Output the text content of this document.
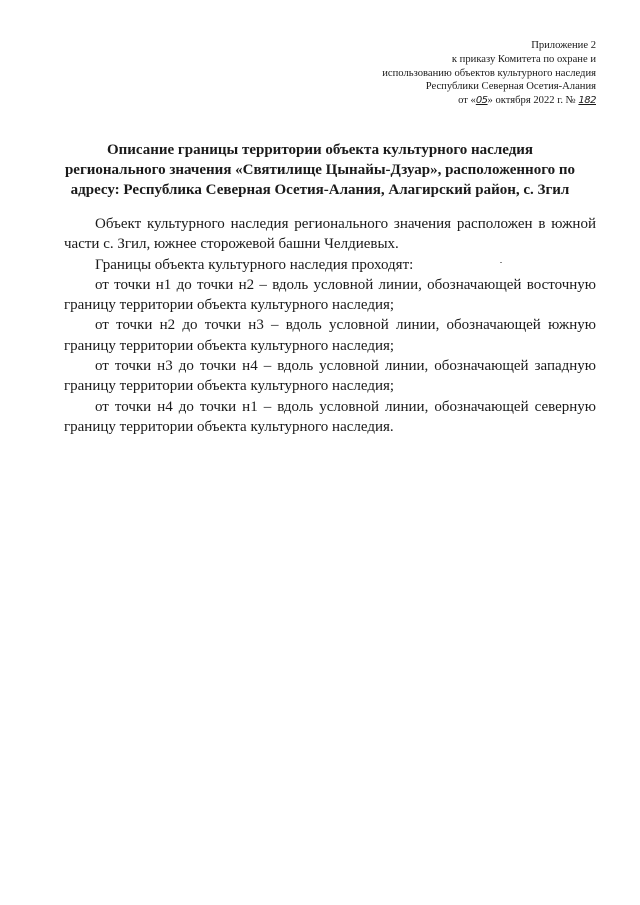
Приложение 2
к приказу Комитета по охране и
использованию объектов культурного наследия
Республики Северная Осетия-Алания
от «05» октября 2022 г. № 182
Описание границы территории объекта культурного наследия
регионального значения «Святилище Цынайы-Дзуар», расположенного по
адресу: Республика Северная Осетия-Алания, Алагирский район, с. Згил

Объект культурного наследия регионального значения расположен в южной части с. Згил, южнее сторожевой башни Челдиевых.

Границы объекта культурного наследия проходят:

от точки н1 до точки н2 – вдоль условной линии, обозначающей восточную границу территории объекта культурного наследия;

от точки н2 до точки н3 – вдоль условной линии, обозначающей южную границу территории объекта культурного наследия;

от точки н3 до точки н4 – вдоль условной линии, обозначающей западную границу территории объекта культурного наследия;

от точки н4 до точки н1 – вдоль условной линии, обозначающей северную границу территории объекта культурного наследия.
